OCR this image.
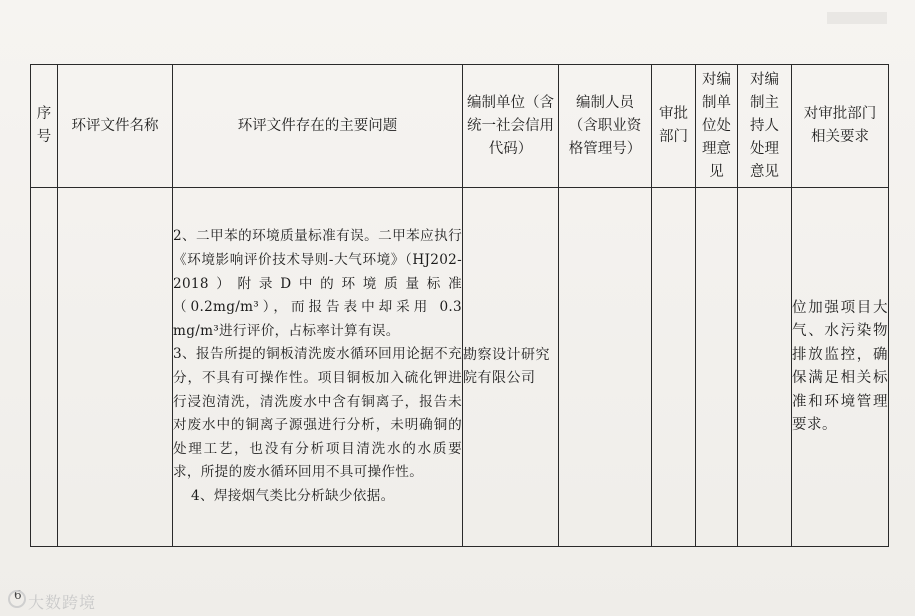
序号	环评文件名称	环评文件存在的主要问题	编制单位（含统一社会信用代码）	编制人员（含职业资格管理号）	审批部门	对编制单位处理意见	对编制主持人处理意见	对审批部门相关要求

		2、二甲苯的环境质量标准有误。二甲苯应执行《环境影响评价技术导则-大气环境》（HJ202-2018）附录D中的环境质量标准（0.2mg/m³），而报告表中却采用 0.3 mg/m³进行评价，占标率计算有误。

3、报告所提的铜板清洗废水循环回用论据不充分，不具有可操作性。项目铜板加入硫化钾进行浸泡清洗，清洗废水中含有铜离子，报告未对废水中的铜离子源强进行分析，未明确铜的处理工艺，也没有分析项目清洗水的水质要求，所提的废水循环回用不具可操作性。

4、焊接烟气类比分析缺少依据。	勘察设计研究院有限公司					位加强项目大气、水污染物排放监控，确保满足相关标准和环境管理要求。
6 大数跨境
